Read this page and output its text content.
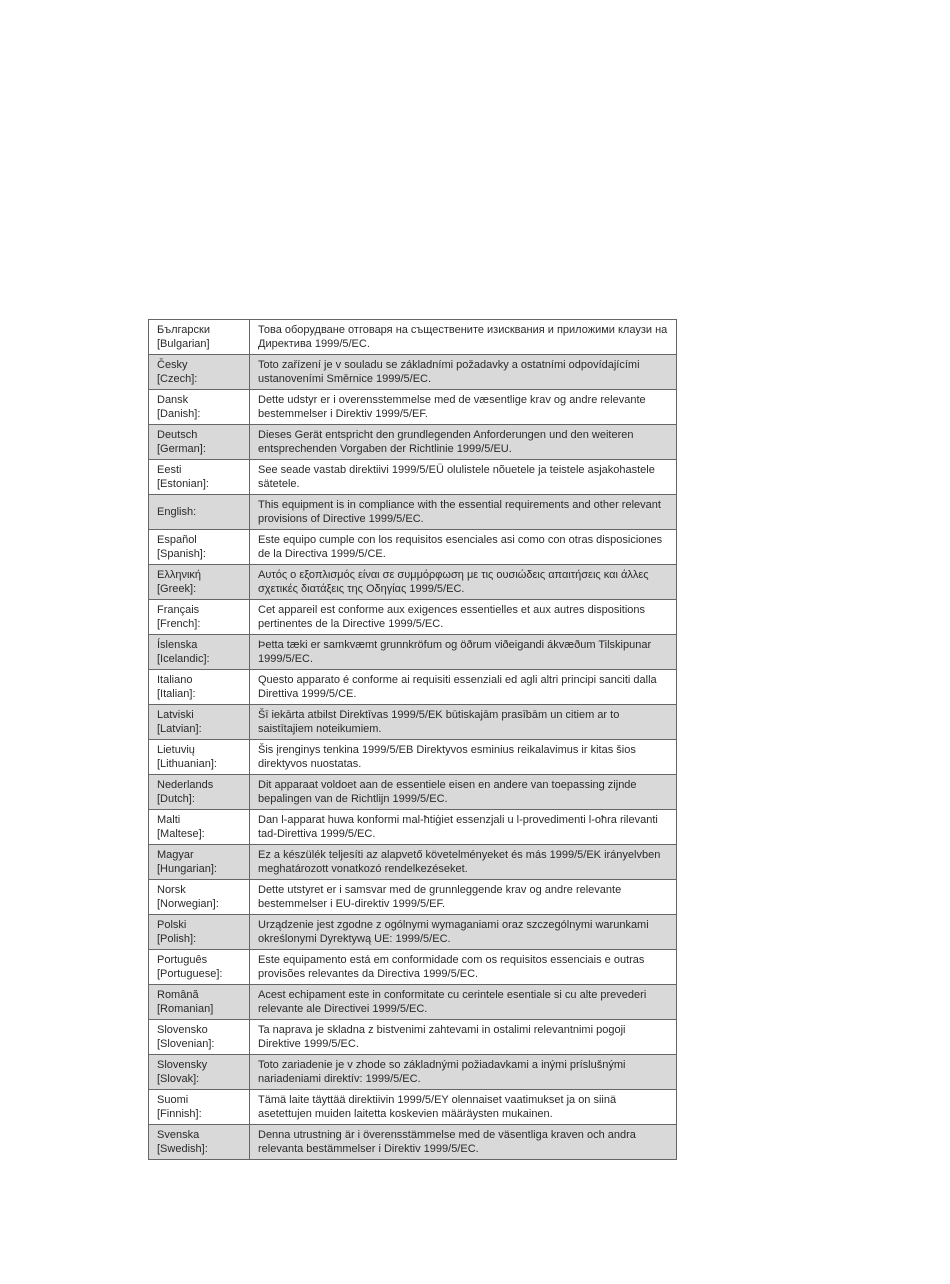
Български
[Bulgarian]	Това оборудване отговаря на съществените изисквания и приложими клаузи на Директива 1999/5/EC.

Česky
[Czech]:	Toto zařízení je v souladu se základními požadavky a ostatními odpovídajícími ustanoveními Směrnice 1999/5/EC.

Dansk
[Danish]:	Dette udstyr er i overensstemmelse med de væsentlige krav og andre relevante bestemmelser i Direktiv 1999/5/EF.

Deutsch
[German]:	Dieses Gerät entspricht den grundlegenden Anforderungen und den weiteren entsprechenden Vorgaben der Richtlinie 1999/5/EU.

Eesti
[Estonian]:	See seade vastab direktiivi 1999/5/EÜ olulistele nõuetele ja teistele asjakohastele sätetele.

English:	This equipment is in compliance with the essential requirements and other relevant provisions of Directive 1999/5/EC.

Español
[Spanish]:	Este equipo cumple con los requisitos esenciales asi como con otras disposiciones de la Directiva 1999/5/CE.

Ελληνική
[Greek]:	Αυτός ο εξοπλισμός είναι σε συμμόρφωση με τις ουσιώδεις απαιτήσεις και άλλες σχετικές διατάξεις της Οδηγίας 1999/5/EC.

Français
[French]:	Cet appareil est conforme aux exigences essentielles et aux autres dispositions pertinentes de la Directive 1999/5/EC.

Íslenska
[Icelandic]:	Þetta tæki er samkvæmt grunnkröfum og öðrum viðeigandi ákvæðum Tilskipunar 1999/5/EC.

Italiano
[Italian]:	Questo apparato é conforme ai requisiti essenziali ed agli altri principi sanciti dalla Direttiva 1999/5/CE.

Latviski
[Latvian]:	Šī iekārta atbilst Direktīvas 1999/5/EK būtiskajām prasībām un citiem ar to saistītajiem noteikumiem.

Lietuvių
[Lithuanian]:	Šis įrenginys tenkina 1999/5/EB Direktyvos esminius reikalavimus ir kitas šios direktyvos nuostatas.

Nederlands
[Dutch]:	Dit apparaat voldoet aan de essentiele eisen en andere van toepassing zijnde bepalingen van de Richtlijn 1999/5/EC.

Malti
[Maltese]:	Dan l-apparat huwa konformi mal-ħtiġiet essenzjali u l-provedimenti l-oħra rilevanti tad-Direttiva 1999/5/EC.

Magyar
[Hungarian]:	Ez a készülék teljesíti az alapvető követelményeket és más 1999/5/EK irányelvben meghatározott vonatkozó rendelkezéseket.

Norsk
[Norwegian]:	Dette utstyret er i samsvar med de grunnleggende krav og andre relevante bestemmelser i EU-direktiv 1999/5/EF.

Polski
[Polish]:	Urządzenie jest zgodne z ogólnymi wymaganiami oraz szczególnymi warunkami określonymi Dyrektywą UE: 1999/5/EC.

Português
[Portuguese]:	Este equipamento está em conformidade com os requisitos essenciais e outras provisões relevantes da Directiva 1999/5/EC.

Română
[Romanian]	Acest echipament este in conformitate cu cerintele esentiale si cu alte prevederi relevante ale Directivei 1999/5/EC.

Slovensko
[Slovenian]:	Ta naprava je skladna z bistvenimi zahtevami in ostalimi relevantnimi pogoji Direktive 1999/5/EC.

Slovensky
[Slovak]:	Toto zariadenie je v zhode so základnými požiadavkami a inými príslušnými nariadeniami direktív: 1999/5/EC.

Suomi
[Finnish]:	Tämä laite täyttää direktiivin 1999/5/EY olennaiset vaatimukset ja on siinä asetettujen muiden laitetta koskevien määräysten mukainen.

Svenska
[Swedish]:	Denna utrustning är i överensstämmelse med de väsentliga kraven och andra relevanta bestämmelser i Direktiv 1999/5/EC.
